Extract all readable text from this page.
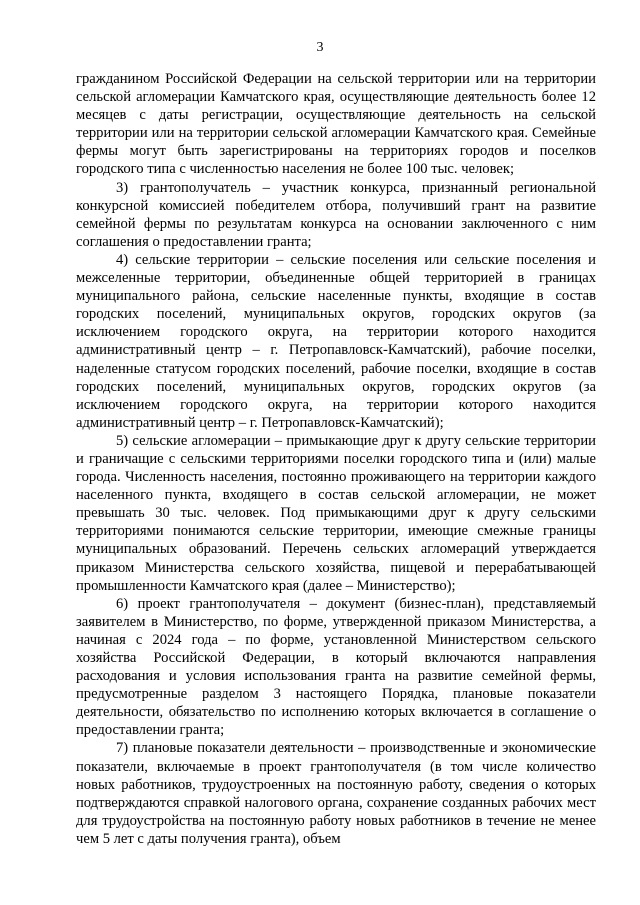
3

гражданином Российской Федерации на сельской территории или на территории сельской агломерации Камчатского края, осуществляющие деятельность более 12 месяцев с даты регистрации, осуществляющие деятельность на сельской территории или на территории сельской агломерации Камчатского края. Семейные фермы могут быть зарегистрированы на территориях городов и поселков городского типа с численностью населения не более 100 тыс. человек;

3) грантополучатель – участник конкурса, признанный региональной конкурсной комиссией победителем отбора, получивший грант на развитие семейной фермы по результатам конкурса на основании заключенного с ним соглашения о предоставлении гранта;

4) сельские территории – сельские поселения или сельские поселения и межселенные территории, объединенные общей территорией в границах муниципального района, сельские населенные пункты, входящие в состав городских поселений, муниципальных округов, городских округов (за исключением городского округа, на территории которого находится административный центр – г. Петропавловск-Камчатский), рабочие поселки, наделенные статусом городских поселений, рабочие поселки, входящие в состав городских поселений, муниципальных округов, городских округов (за исключением городского округа, на территории которого находится административный центр – г. Петропавловск-Камчатский);

5) сельские агломерации – примыкающие друг к другу сельские территории и граничащие с сельскими территориями поселки городского типа и (или) малые города. Численность населения, постоянно проживающего на территории каждого населенного пункта, входящего в состав сельской агломерации, не может превышать 30 тыс. человек. Под примыкающими друг к другу сельскими территориями понимаются сельские территории, имеющие смежные границы муниципальных образований. Перечень сельских агломераций утверждается приказом Министерства сельского хозяйства, пищевой и перерабатывающей промышленности Камчатского края (далее – Министерство);

6) проект грантополучателя – документ (бизнес-план), представляемый заявителем в Министерство, по форме, утвержденной приказом Министерства, а начиная с 2024 года – по форме, установленной Министерством сельского хозяйства Российской Федерации, в который включаются направления расходования и условия использования гранта на развитие семейной фермы, предусмотренные разделом 3 настоящего Порядка, плановые показатели деятельности, обязательство по исполнению которых включается в соглашение о предоставлении гранта;

7) плановые показатели деятельности – производственные и экономические показатели, включаемые в проект грантополучателя (в том числе количество новых работников, трудоустроенных на постоянную работу, сведения о которых подтверждаются справкой налогового органа, сохранение созданных рабочих мест для трудоустройства на постоянную работу новых работников в течение не менее чем 5 лет с даты получения гранта), объем
